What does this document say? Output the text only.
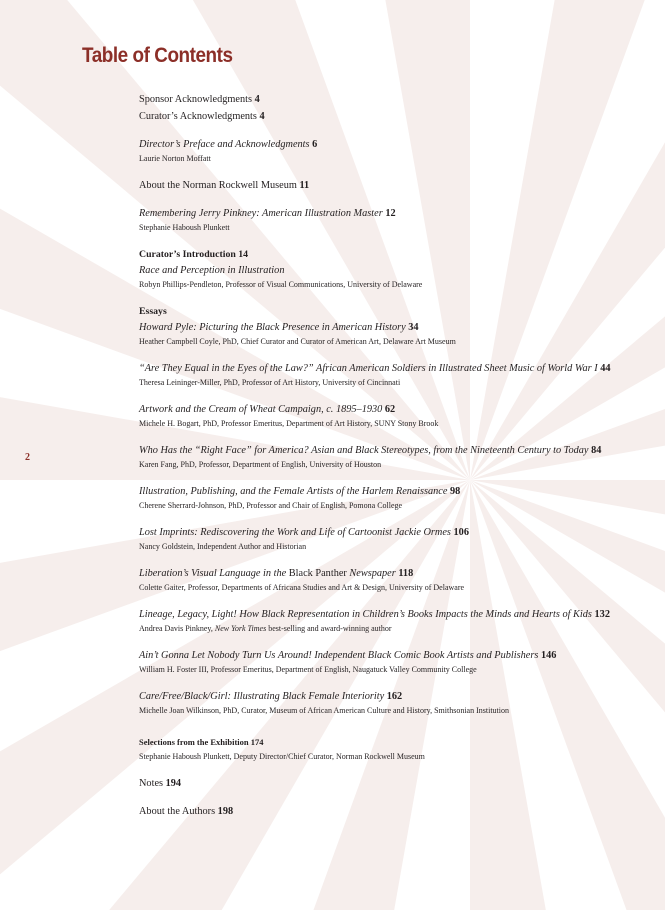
Table of Contents
2
Sponsor Acknowledgments 4
Curator’s Acknowledgments 4
Director’s Preface and Acknowledgments 6
Laurie Norton Moffatt
About the Norman Rockwell Museum 11
Remembering Jerry Pinkney: American Illustration Master 12
Stephanie Haboush Plunkett
Curator’s Introduction 14
Race and Perception in Illustration
Robyn Phillips-Pendleton, Professor of Visual Communications, University of Delaware
Essays
Howard Pyle: Picturing the Black Presence in American History 34
Heather Campbell Coyle, PhD, Chief Curator and Curator of American Art, Delaware Art Museum
“Are They Equal in the Eyes of the Law?” African American Soldiers in Illustrated Sheet Music of World War I 44
Theresa Leininger-Miller, PhD, Professor of Art History, University of Cincinnati
Artwork and the Cream of Wheat Campaign, c. 1895–1930 62
Michele H. Bogart, PhD, Professor Emeritus, Department of Art History, SUNY Stony Brook
Who Has the “Right Face” for America? Asian and Black Stereotypes, from the Nineteenth Century to Today 84
Karen Fang, PhD, Professor, Department of English, University of Houston
Illustration, Publishing, and the Female Artists of the Harlem Renaissance 98
Cherene Sherrard-Johnson, PhD, Professor and Chair of English, Pomona College
Lost Imprints: Rediscovering the Work and Life of Cartoonist Jackie Ormes 106
Nancy Goldstein, Independent Author and Historian
Liberation’s Visual Language in the Black Panther Newspaper 118
Colette Gaiter, Professor, Departments of Africana Studies and Art & Design, University of Delaware
Lineage, Legacy, Light! How Black Representation in Children’s Books Impacts the Minds and Hearts of Kids 132
Andrea Davis Pinkney, New York Times best-selling and award-winning author
Ain’t Gonna Let Nobody Turn Us Around! Independent Black Comic Book Artists and Publishers 146
William H. Foster III, Professor Emeritus, Department of English, Naugatuck Valley Community College
Care/Free/Black/Girl: Illustrating Black Female Interiority 162
Michelle Joan Wilkinson, PhD, Curator, Museum of African American Culture and History, Smithsonian Institution
Selections from the Exhibition 174
Stephanie Haboush Plunkett, Deputy Director/Chief Curator, Norman Rockwell Museum
Notes 194
About the Authors 198
